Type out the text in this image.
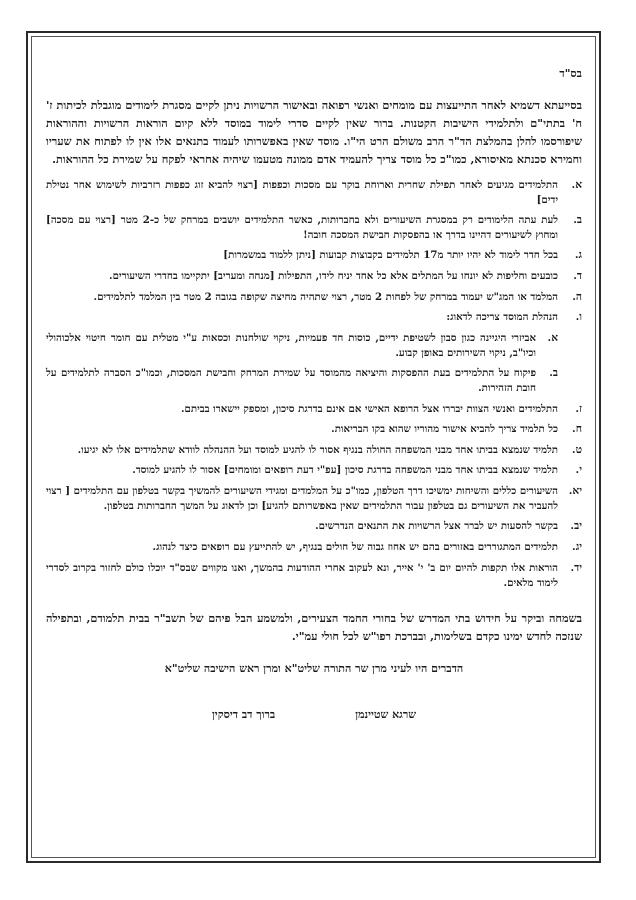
בס"ד

בסייעתא דשמיא לאחר התייעצות עם מומחים ואנשי רפואה ובאישור הרשויות ניתן לקיים מסגרת לימודים מוגבלת לכיתות ז' ח' בתתי"ם ולתלמידי הישיבות הקטנות. ברור שאין לקיים סדרי לימוד במוסד ללא קיום הוראות הרשויות וההוראות שיפורסמו להלן בהמלצת הד"ר הרב משולם הרט הי"ו. מוסד שאין באפשרותו לעמוד בתנאים אלו אין לו לפתוח את שעריו וחמירא סכנתא מאיסורא, כמו"כ כל מוסד צריך להעמיד אדם ממונה מטעמו שיהיה אחראי לפקח על שמירת כל ההוראות.

א.
התלמידים מגיעים לאחר תפילת שחרית וארוחת בוקר עם מסכות וכפפות [רצוי להביא זוג כפפות רזרביות לשימוש אחר נטילת ידים]
ב.
לעת עתה הלימודים רק במסגרת השיעורים ולא בחברותות, כאשר התלמידים יושבים במרחק של כ-2 מטר [רצוי עם מסכה] ומחוץ לשיעורים דהיינו בדרך או בהפסקות חבישת המסכה חובה!
ג.
בכל חדר לימוד לא יהיו יותר מ17 תלמידים בקבוצות קבועות [ניתן ללמוד במשמרות]
ד.
כובעים וחליפות לא יונחו על המתלים אלא כל אחד יניח לידו, התפילות [מנחה ומעריב] יתקיימו בחדרי השיעורים.
ה.
המלמד או המג"ש יעמוד במרחק של לפחות 2 מטר, רצוי שתהיה מחיצה שקופה בגובה 2 מטר בין המלמד לתלמידים.
ו.
הנהלת המוסד צריכה לדאוג:
א.
אביזרי היגיינה כגון סבון לשטיפת ידיים, כוסות חד פעמיות, ניקוי שולחנות וכסאות ע"י מטלית עם חומר חיטוי אלכוהולי וכיו"ב, ניקוי השירותים באופן קבוע.
ב.
פיקוח על התלמידים בעת ההפסקות והיציאה מהמוסד על שמירת המרחק וחבישת המסכות, וכמו"כ הסברה לתלמידים על חובת הזהירות.
ז.
התלמידים ואנשי הצוות יבררו אצל הרופא האישי אם אינם בדרגת סיכון, ומספק יישארו בביתם.
ח.
כל תלמיד צריך להביא אישור מהוריו שהוא בקו הבריאות.
ט.
תלמיד שנמצא בביתו אחד מבני המשפחה החולה בנגיף אסור לו להגיע למוסד ועל ההנהלה לוודא שתלמידים אלו לא יגיעו.
י.
תלמיד שנמצא בביתו אחד מבני המשפחה בדרגת סיכון [עפ"י דעת רופאים ומומחים] אסור לו להגיע למוסד.
יא.
השיעורים כללים והשיחות ימשיכו דרך הטלפון, כמו"כ על המלמדים ומגידי השיעורים להמשיך בקשר בטלפון עם התלמידים [ רצוי להעביר את השיעורים גם בטלפון עבור התלמידים שאין באפשרותם להגיע] וכן לדאוג על המשך החברותות בטלפון.
יב.
בקשר להסעות יש לברר אצל הרשויות את התנאים הנדרשים.
יג.
תלמידים המתגוררים באזורים בהם יש אחוז גבוה של חולים בנגיף, יש להתייעץ עם רופאים כיצד לנהוג.
יד.
הוראות אלו תקפות להיום יום ב' י' אייר, ונא לעקוב אחרי ההודעות בהמשך, ואנו מקווים שבס"ד יוכלו כולם לחזור בקרוב לסדרי לימוד מלאים.

בשמחה וביקר על חידוש בתי המדרש של בחורי החמד הצעירים, ולמשמע הבל פיהם של תשב"ר בבית תלמודם, ובתפילה שנזכה לחדש ימינו כקדם בשלימות, ובברכת רפו"ש לכל חולי עמ"י.

הדברים היו לעיני מרן שר התורה שליט"א ומרן ראש הישיבה שליט"א

שרגא שטיינמן
ברוך דב דיסקין
